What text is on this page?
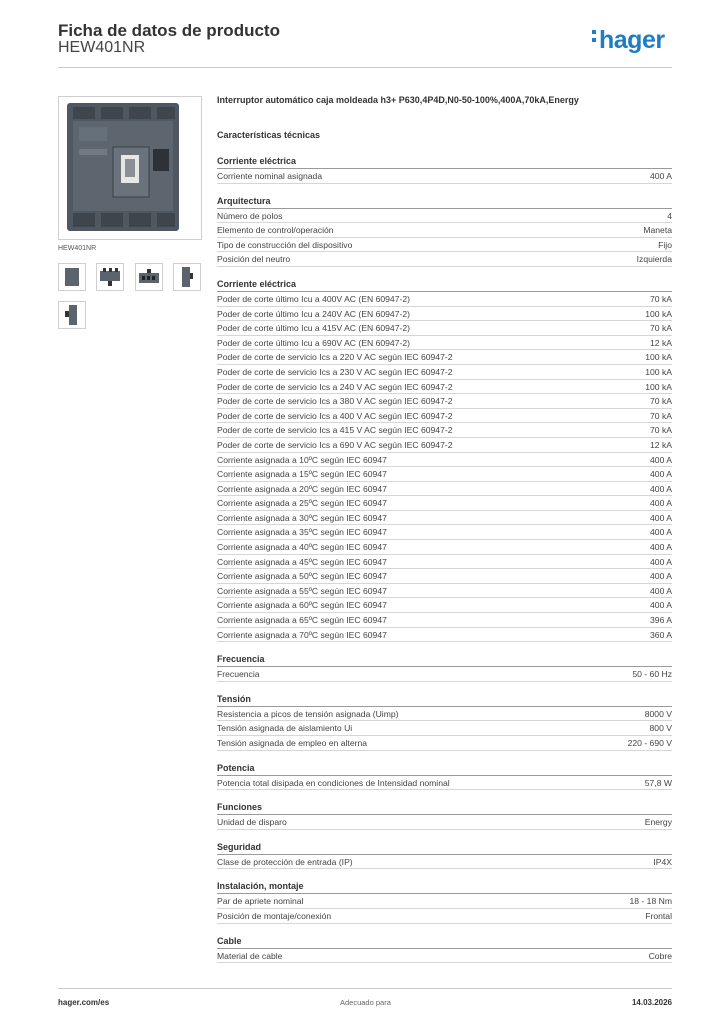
Ficha de datos de producto
HEW401NR	hager
HEW401NR
Interruptor automático caja moldeada h3+ P630,4P4D,N0-50-100%,400A,70kA,Energy
Características técnicas
Corriente eléctrica
Corriente nominal asignada	400 A
Arquitectura
Número de polos	4
Elemento de control/operación	Maneta
Tipo de construcción del dispositivo	Fijo
Posición del neutro	Izquierda
Corriente eléctrica
Poder de corte último Icu a 400V AC (EN 60947-2)	70 kA
Poder de corte último Icu a 240V AC (EN 60947-2)	100 kA
Poder de corte último Icu a 415V AC (EN 60947-2)	70 kA
Poder de corte último Icu a 690V AC (EN 60947-2)	12 kA
Poder de corte de servicio Ics a 220 V AC según IEC 60947-2	100 kA
Poder de corte de servicio Ics a 230 V AC según IEC 60947-2	100 kA
Poder de corte de servicio Ics a 240 V AC según IEC 60947-2	100 kA
Poder de corte de servicio Ics a 380 V AC según IEC 60947-2	70 kA
Poder de corte de servicio Ics a 400 V AC según IEC 60947-2	70 kA
Poder de corte de servicio Ics a 415 V AC según IEC 60947-2	70 kA
Poder de corte de servicio Ics a 690 V AC según IEC 60947-2	12 kA
Corriente asignada a 10ºC según IEC 60947	400 A
Corriente asignada a 15ºC según IEC 60947	400 A
Corriente asignada a 20ºC según IEC 60947	400 A
Corriente asignada a 25ºC según IEC 60947	400 A
Corriente asignada a 30ºC según IEC 60947	400 A
Corriente asignada a 35ºC según IEC 60947	400 A
Corriente asignada a 40ºC según IEC 60947	400 A
Corriente asignada a 45ºC según IEC 60947	400 A
Corriente asignada a 50ºC según IEC 60947	400 A
Corriente asignada a 55ºC según IEC 60947	400 A
Corriente asignada a 60ºC según IEC 60947	400 A
Corriente asignada a 65ºC según IEC 60947	396 A
Corriente asignada a 70ºC según IEC 60947	360 A
Frecuencia
Frecuencia	50 - 60 Hz
Tensión
Resistencia a picos de tensión asignada (Uimp)	8000 V
Tensión asignada de aislamiento Ui	800 V
Tensión asignada de empleo en alterna	220 - 690 V
Potencia
Potencia total disipada en condiciones de Intensidad nominal	57,8 W
Funciones
Unidad de disparo	Energy
Seguridad
Clase de protección de entrada (IP)	IP4X
Instalación, montaje
Par de apriete nominal	18 - 18 Nm
Posición de montaje/conexión	Frontal
Cable
Material de cable	Cobre
hager.com/es	Adecuado para	14.03.2026
